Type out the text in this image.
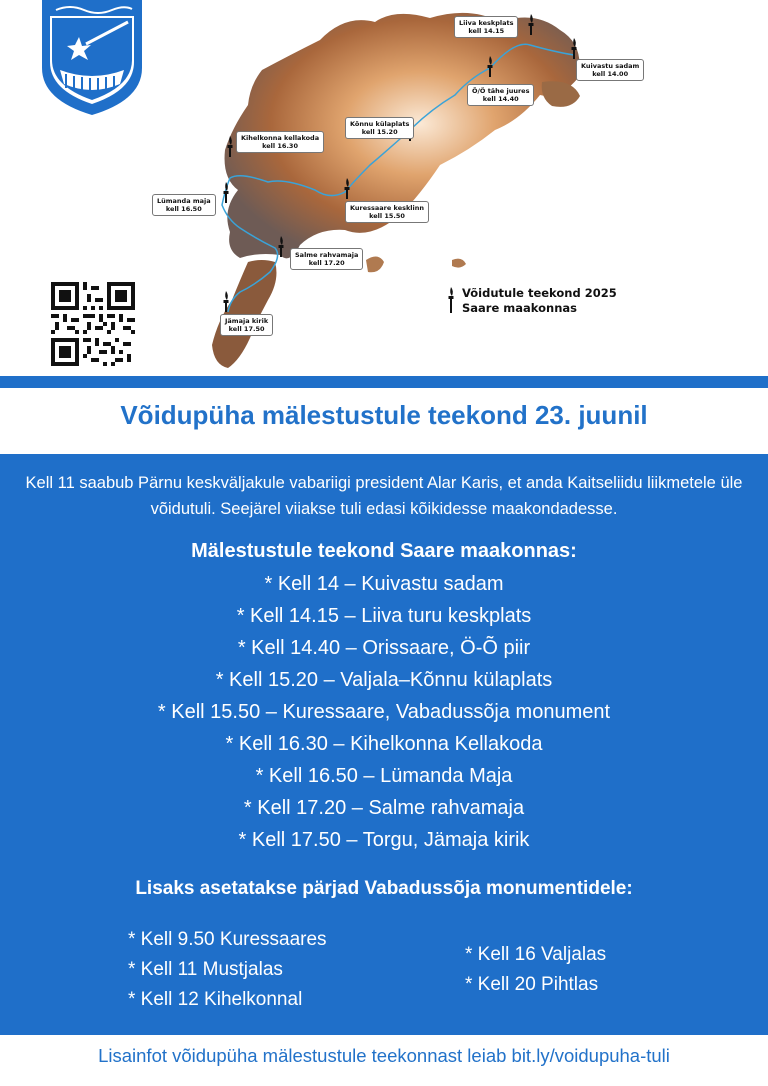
Liiva keskplats
kell 14.15
Kuivastu sadam
kell 14.00
Õ/Ö tähe juures
kell 14.40
Kõnnu külaplats
kell 15.20
Kihelkonna kellakoda
kell 16.30
Kuressaare kesklinn
kell 15.50
Lümanda maja
kell 16.50
Salme rahvamaja
kell 17.20
Jämaja kirik
kell 17.50
Võidutule teekond 2025
Saare maakonnas
Võidupüha mälestustule teekond 23. juunil
Kell 11 saabub Pärnu keskväljakule vabariigi president Alar Karis, et anda Kaitseliidu liikmetele üle võidutuli. Seejärel viiakse tuli edasi kõikidesse maakondadesse.
Mälestustule teekond Saare maakonnas:
* Kell 14 – Kuivastu sadam
* Kell 14.15 – Liiva turu keskplats
* Kell 14.40 – Orissaare, Ö-Õ piir
* Kell 15.20 – Valjala–Kõnnu külaplats
* Kell 15.50 – Kuressaare, Vabadussõja monument
* Kell 16.30 – Kihelkonna Kellakoda
* Kell 16.50 – Lümanda Maja
* Kell 17.20 – Salme rahvamaja
* Kell 17.50 – Torgu, Jämaja kirik
Lisaks asetatakse pärjad Vabadussõja monumentidele:
* Kell 9.50 Kuressaares
* Kell 11 Mustjalas
* Kell 12 Kihelkonnal
* Kell 16 Valjalas
* Kell 20 Pihtlas
Lisainfot võidupüha mälestustule teekonnast leiab bit.ly/voidupuha-tuli
